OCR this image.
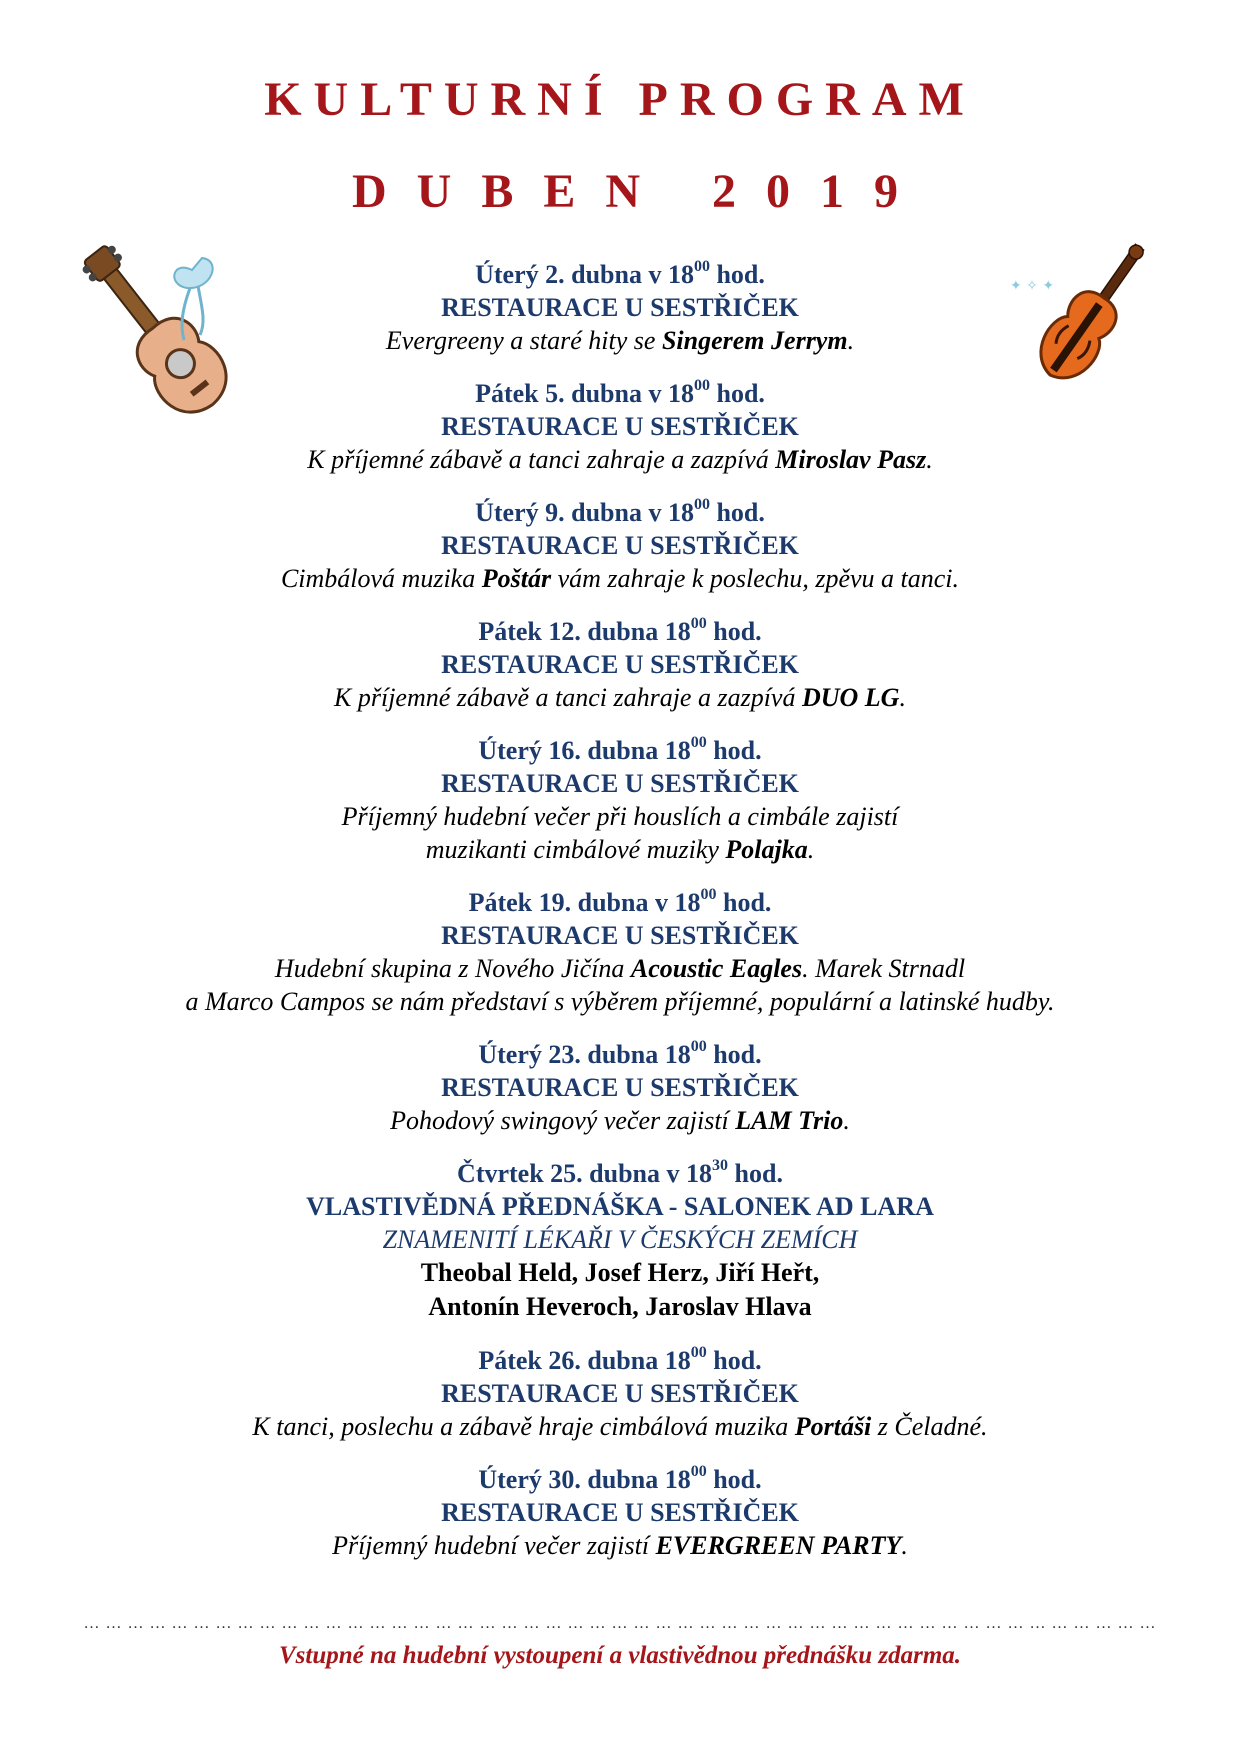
KULTURNÍ PROGRAM
DUBEN 2019
✦ ✧ ✦
Úterý 2. dubna v $18^{00}$ hod.
RESTAURACE U SESTŘIČEK
Evergreeny a staré hity se Singerem Jerrym.
Pátek 5. dubna v $18^{00}$ hod.
RESTAURACE U SESTŘIČEK
K příjemné zábavě a tanci zahraje a zazpívá Miroslav Pasz.
Úterý 9. dubna v $18^{00}$ hod.
RESTAURACE U SESTŘIČEK
Cimbálová muzika Poštár vám zahraje k poslechu, zpěvu a tanci.
Pátek 12. dubna $18^{00}$ hod.
RESTAURACE U SESTŘIČEK
K příjemné zábavě a tanci zahraje a zazpívá DUO LG.
Úterý 16. dubna $18^{00}$ hod.
RESTAURACE U SESTŘIČEK
Příjemný hudební večer při houslích a cimbále zajistí
muzikanti cimbálové muziky Polajka.
Pátek 19. dubna v $18^{00}$ hod.
RESTAURACE U SESTŘIČEK
Hudební skupina z Nového Jičína Acoustic Eagles. Marek Strnadl
a Marco Campos se nám představí s výběrem příjemné, populární a latinské hudby.
Úterý 23. dubna $18^{00}$ hod.
RESTAURACE U SESTŘIČEK
Pohodový swingový večer zajistí LAM Trio.
Čtvrtek 25. dubna v $18^{30}$ hod.
VLASTIVĚDNÁ PŘEDNÁŠKA - SALONEK AD LARA
ZNAMENITÍ LÉKAŘI V ČESKÝCH ZEMÍCH
Theobal Held, Josef Herz, Jiří Heřt,
Antonín Heveroch, Jaroslav Hlava
Pátek 26. dubna $18^{00}$ hod.
RESTAURACE U SESTŘIČEK
K tanci, poslechu a zábavě hraje cimbálová muzika Portáši z Čeladné.
Úterý 30. dubna $18^{00}$ hod.
RESTAURACE U SESTŘIČEK
Příjemný hudební večer zajistí EVERGREEN PARTY.
… … … … … … … … … … … … … … … … … … … … … … … … … … … … … … … … … … … … … … … … … … … … … … … … …
Vstupné na hudební vystoupení a vlastivědnou přednášku zdarma.
